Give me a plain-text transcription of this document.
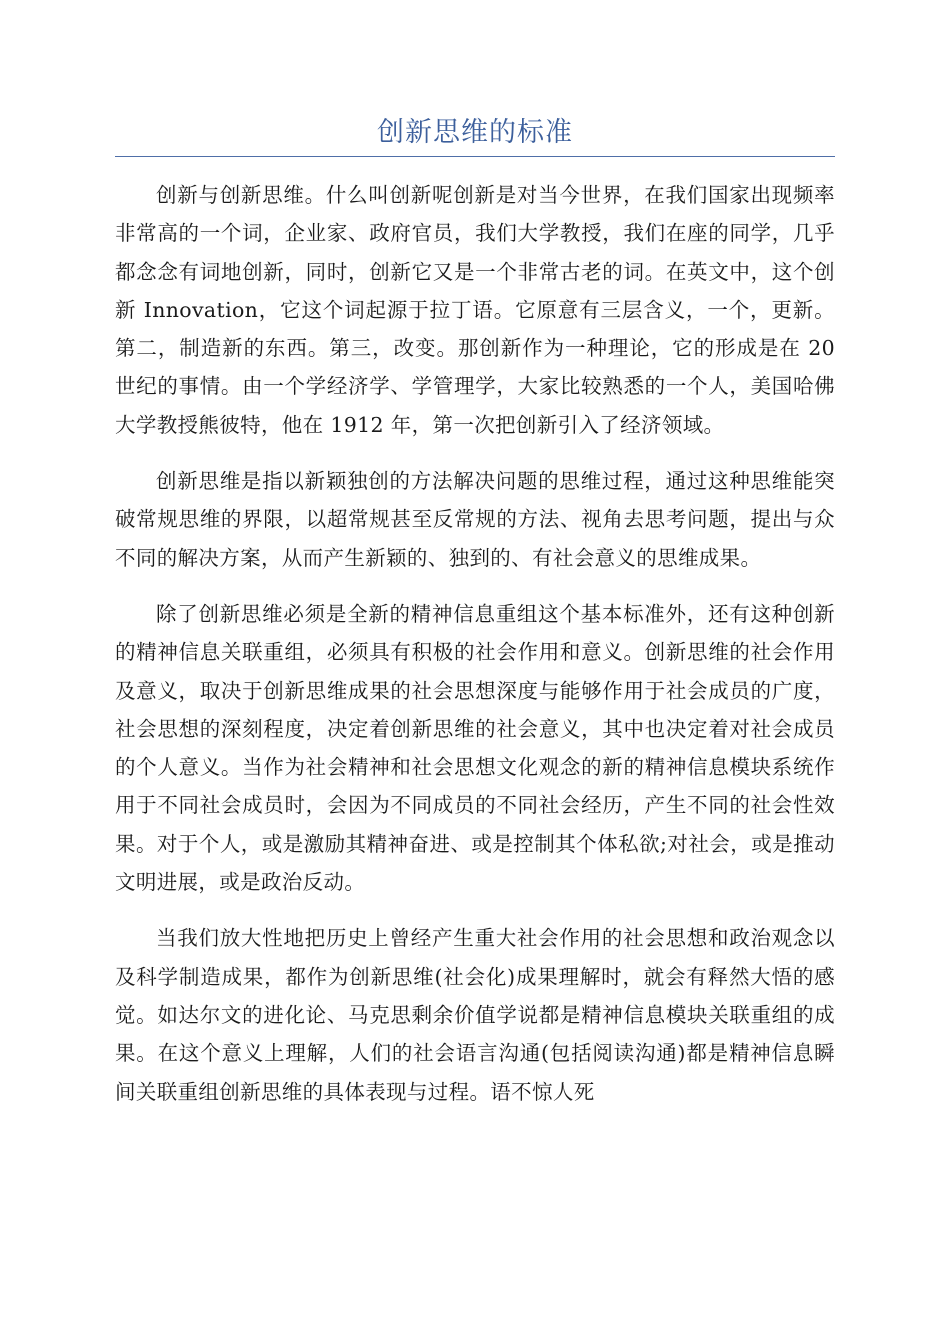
创新思维的标准

创新与创新思维。什么叫创新呢创新是对当今世界，在我们国家出现频率非常高的一个词，企业家、政府官员，我们大学教授，我们在座的同学，几乎都念念有词地创新，同时，创新它又是一个非常古老的词。在英文中，这个创新 Innovation，它这个词起源于拉丁语。它原意有三层含义，一个，更新。第二，制造新的东西。第三，改变。那创新作为一种理论，它的形成是在 20 世纪的事情。由一个学经济学、学管理学，大家比较熟悉的一个人，美国哈佛大学教授熊彼特，他在 1912 年，第一次把创新引入了经济领域。

创新思维是指以新颖独创的方法解决问题的思维过程，通过这种思维能突破常规思维的界限，以超常规甚至反常规的方法、视角去思考问题，提出与众不同的解决方案，从而产生新颖的、独到的、有社会意义的思维成果。

除了创新思维必须是全新的精神信息重组这个基本标准外，还有这种创新的精神信息关联重组，必须具有积极的社会作用和意义。创新思维的社会作用及意义，取决于创新思维成果的社会思想深度与能够作用于社会成员的广度，社会思想的深刻程度，决定着创新思维的社会意义，其中也决定着对社会成员的个人意义。当作为社会精神和社会思想文化观念的新的精神信息模块系统作用于不同社会成员时，会因为不同成员的不同社会经历，产生不同的社会性效果。对于个人，或是激励其精神奋进、或是控制其个体私欲;对社会，或是推动文明进展，或是政治反动。

当我们放大性地把历史上曾经产生重大社会作用的社会思想和政治观念以及科学制造成果，都作为创新思维(社会化)成果理解时，就会有释然大悟的感觉。如达尔文的进化论、马克思剩余价值学说都是精神信息模块关联重组的成果。在这个意义上理解，人们的社会语言沟通(包括阅读沟通)都是精神信息瞬间关联重组创新思维的具体表现与过程。语不惊人死
